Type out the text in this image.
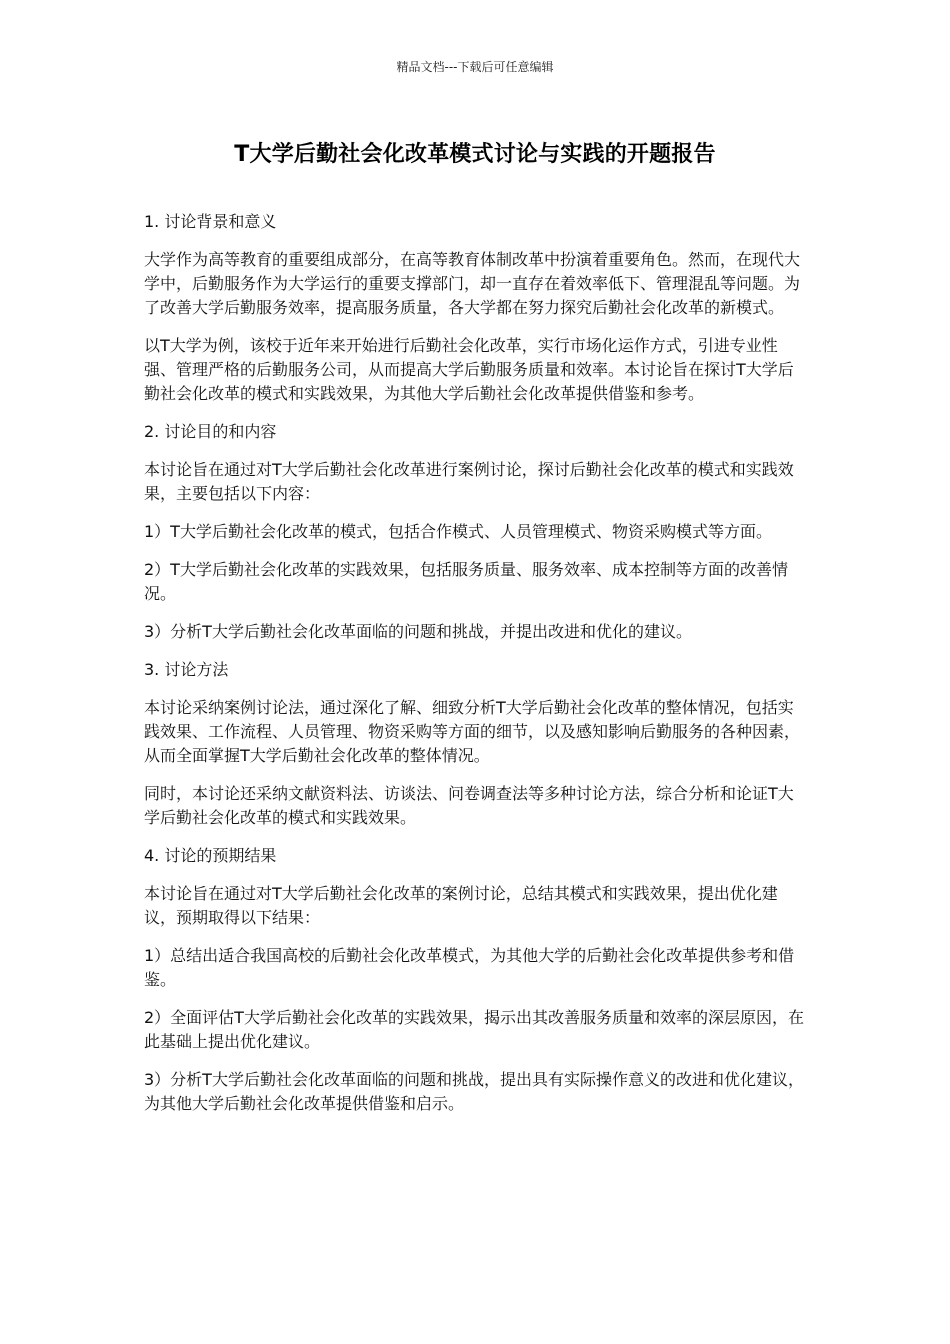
精品文档---下载后可任意编辑
T大学后勤社会化改革模式讨论与实践的开题报告
1. 讨论背景和意义

大学作为高等教育的重要组成部分，在高等教育体制改革中扮演着重要角色。然而，在现代大学中，后勤服务作为大学运行的重要支撑部门，却一直存在着效率低下、管理混乱等问题。为了改善大学后勤服务效率，提高服务质量，各大学都在努力探究后勤社会化改革的新模式。

以T大学为例，该校于近年来开始进行后勤社会化改革，实行市场化运作方式，引进专业性强、管理严格的后勤服务公司，从而提高大学后勤服务质量和效率。本讨论旨在探讨T大学后勤社会化改革的模式和实践效果，为其他大学后勤社会化改革提供借鉴和参考。

2. 讨论目的和内容

本讨论旨在通过对T大学后勤社会化改革进行案例讨论，探讨后勤社会化改革的模式和实践效果，主要包括以下内容：

1）T大学后勤社会化改革的模式，包括合作模式、人员管理模式、物资采购模式等方面。

2）T大学后勤社会化改革的实践效果，包括服务质量、服务效率、成本控制等方面的改善情况。

3）分析T大学后勤社会化改革面临的问题和挑战，并提出改进和优化的建议。

3. 讨论方法

本讨论采纳案例讨论法，通过深化了解、细致分析T大学后勤社会化改革的整体情况，包括实践效果、工作流程、人员管理、物资采购等方面的细节，以及感知影响后勤服务的各种因素，从而全面掌握T大学后勤社会化改革的整体情况。

同时，本讨论还采纳文献资料法、访谈法、问卷调查法等多种讨论方法，综合分析和论证T大学后勤社会化改革的模式和实践效果。

4. 讨论的预期结果

本讨论旨在通过对T大学后勤社会化改革的案例讨论，总结其模式和实践效果，提出优化建议，预期取得以下结果：

1）总结出适合我国高校的后勤社会化改革模式，为其他大学的后勤社会化改革提供参考和借鉴。

2）全面评估T大学后勤社会化改革的实践效果，揭示出其改善服务质量和效率的深层原因，在此基础上提出优化建议。

3）分析T大学后勤社会化改革面临的问题和挑战，提出具有实际操作意义的改进和优化建议，为其他大学后勤社会化改革提供借鉴和启示。
